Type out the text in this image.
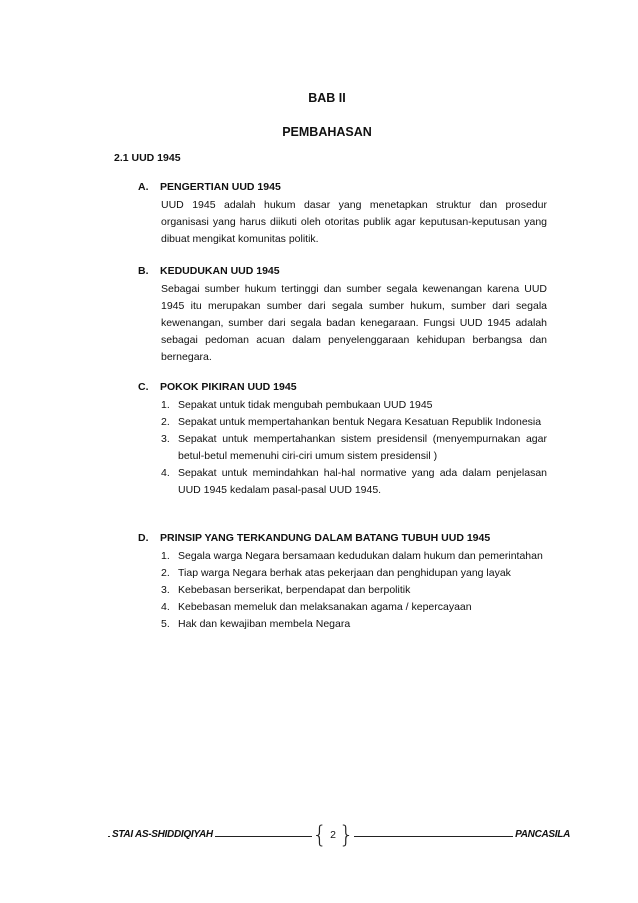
BAB II
PEMBAHASAN
2.1 UUD 1945
A. PENGERTIAN UUD 1945
UUD 1945 adalah hukum dasar yang menetapkan struktur dan prosedur organisasi yang harus diikuti oleh otoritas publik agar keputusan-keputusan yang dibuat mengikat komunitas politik.
B. KEDUDUKAN UUD 1945
Sebagai sumber hukum tertinggi dan sumber segala kewenangan karena UUD 1945 itu merupakan sumber dari segala sumber hukum, sumber dari segala kewenangan, sumber dari segala badan kenegaraan. Fungsi UUD 1945 adalah sebagai pedoman acuan dalam penyelenggaraan kehidupan berbangsa dan bernegara.
C. POKOK PIKIRAN UUD 1945
1. Sepakat untuk tidak mengubah pembukaan UUD 1945
2. Sepakat untuk mempertahankan bentuk Negara Kesatuan Republik Indonesia
3. Sepakat untuk mempertahankan sistem presidensil (menyempurnakan agar betul-betul memenuhi ciri-ciri umum sistem presidensil )
4. Sepakat untuk memindahkan hal-hal normative yang ada dalam penjelasan UUD 1945 kedalam pasal-pasal UUD 1945.
D. PRINSIP YANG TERKANDUNG DALAM BATANG TUBUH UUD 1945
1. Segala warga Negara bersamaan kedudukan dalam hukum dan pemerintahan
2. Tiap warga Negara berhak atas pekerjaan dan penghidupan yang layak
3. Kebebasan berserikat, berpendapat dan berpolitik
4. Kebebasan memeluk dan melaksanakan agama / kepercayaan
5. Hak dan kewajiban membela Negara
STAI AS-SHIDDIQIYAH	{ 2 }	PANCASILA
